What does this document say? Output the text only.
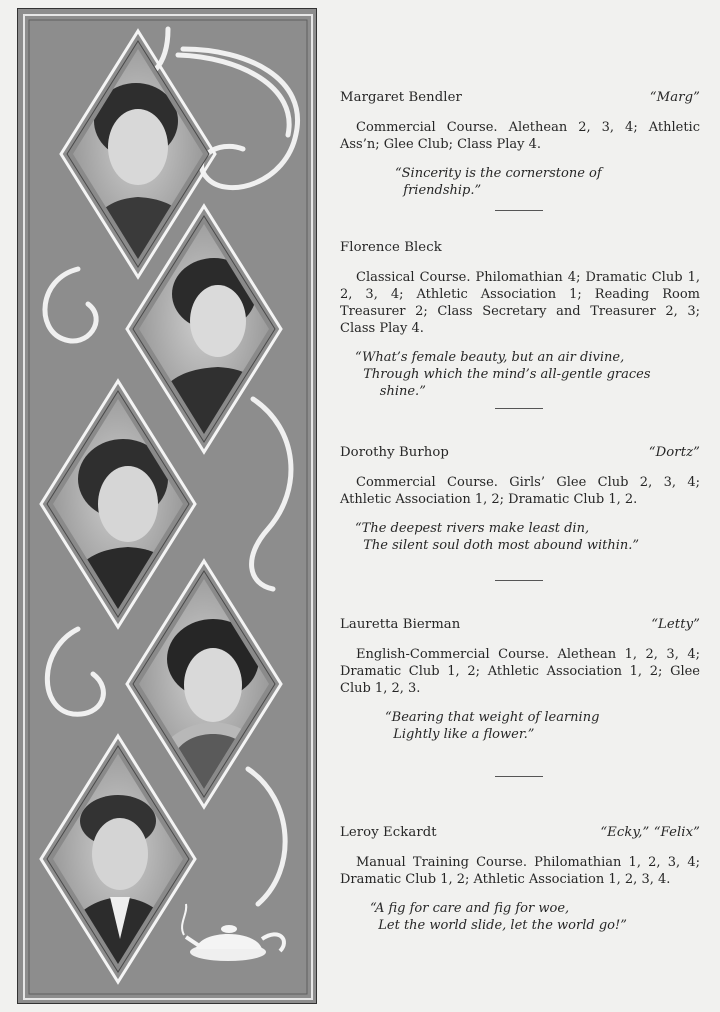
Margaret Bendler	“Marg”
Commercial Course. Alethean 2, 3, 4; Athletic Ass’n; Glee Club; Class Play 4.
“Sincerity is the cornerstone of
friendship.”
Florence Bleck
Classical Course. Philomathian 4; Dramatic Club 1, 2, 3, 4; Athletic Association 1; Reading Room Treasurer 2; Class Secretary and Treasurer 2, 3; Class Play 4.
“What’s female beauty, but an air divine,
Through which the mind’s all-gentle graces
shine.”
Dorothy Burhop	“Dortz”
Commercial Course. Girls’ Glee Club 2, 3, 4; Athletic Association 1, 2; Dramatic Club 1, 2.
“The deepest rivers make least din,
The silent soul doth most abound within.”
Lauretta Bierman	“Letty”
English-Commercial Course. Alethean 1, 2, 3, 4; Dramatic Club 1, 2; Athletic Association 1, 2; Glee Club 1, 2, 3.
“Bearing that weight of learning
Lightly like a flower.”
Leroy Eckardt	“Ecky,” “Felix”
Manual Training Course. Philomathian 1, 2, 3, 4; Dramatic Club 1, 2; Athletic Association 1, 2, 3, 4.
“A fig for care and fig for woe,
Let the world slide, let the world go!”
